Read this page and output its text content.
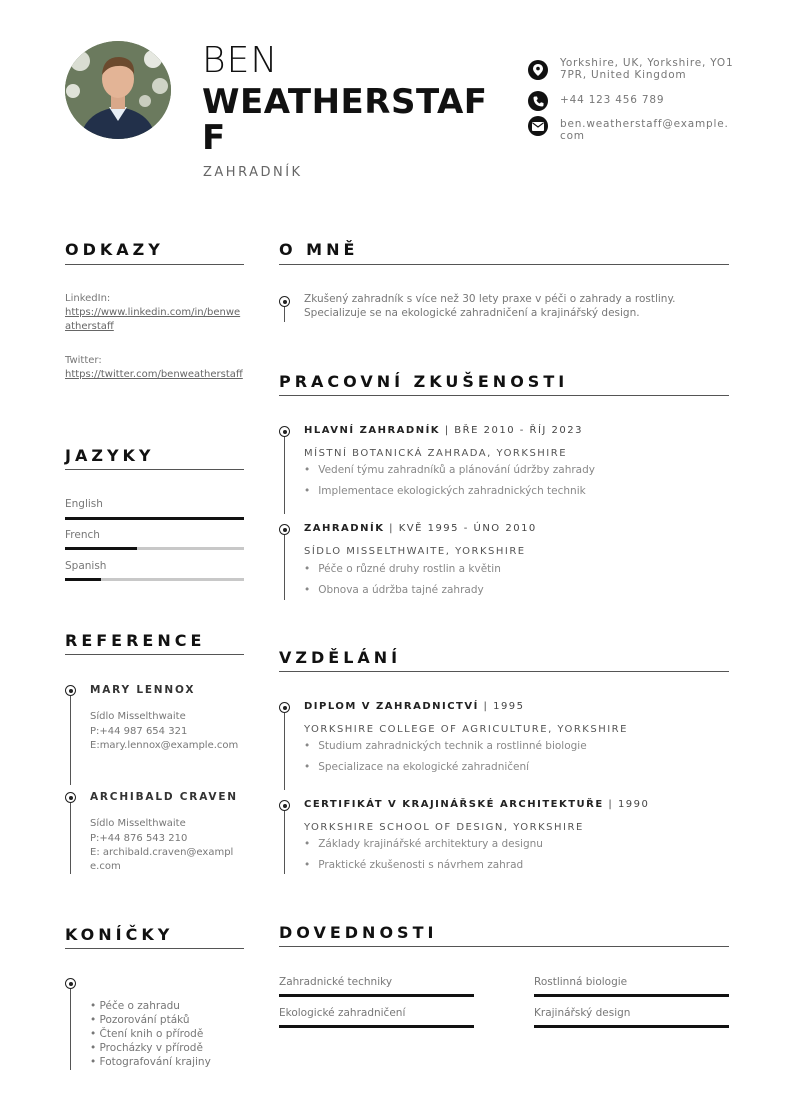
BEN
WEATHERSTAFF
ZAHRADNÍK
Yorkshire, UK, Yorkshire, YO1 7PR, United Kingdom
+44 123 456 789
ben.weatherstaff@example.com
ODKAZY
LinkedIn:
https://www.linkedin.com/in/benweatherstaff
Twitter:
https://twitter.com/benweatherstaff
JAZYKY
English
French
Spanish
REFERENCE
MARY LENNOX
Sídlo Misselthwaite
P:+44 987 654 321
E:mary.lennox@example.com
ARCHIBALD CRAVEN
Sídlo Misselthwaite
P:+44 876 543 210
E: archibald.craven@example.com
KONÍČKY
• Péče o zahradu
• Pozorování ptáků
• Čtení knih o přírodě
• Procházky v přírodě
• Fotografování krajiny
O MNĚ
Zkušený zahradník s více než 30 lety praxe v péči o zahrady a rostliny. Specializuje se na ekologické zahradničení a krajinářský design.
PRACOVNÍ ZKUŠENOSTI
HLAVNÍ ZAHRADNÍK | BŘE 2010 - ŘÍJ 2023
MÍSTNÍ BOTANICKÁ ZAHRADA, YORKSHIRE
• Vedení týmu zahradníků a plánování údržby zahrady
• Implementace ekologických zahradnických technik
ZAHRADNÍK | KVĚ 1995 - ÚNO 2010
SÍDLO MISSELTHWAITE, YORKSHIRE
• Péče o různé druhy rostlin a květin
• Obnova a údržba tajné zahrady
VZDĚLÁNÍ
DIPLOM V ZAHRADNICTVÍ | 1995
YORKSHIRE COLLEGE OF AGRICULTURE, YORKSHIRE
• Studium zahradnických technik a rostlinné biologie
• Specializace na ekologické zahradničení
CERTIFIKÁT V KRAJINÁŘSKÉ ARCHITEKTUŘE | 1990
YORKSHIRE SCHOOL OF DESIGN, YORKSHIRE
• Základy krajinářské architektury a designu
• Praktické zkušenosti s návrhem zahrad
DOVEDNOSTI
Zahradnické techniky	Rostlinná biologie
Ekologické zahradničení	Krajinářský design
